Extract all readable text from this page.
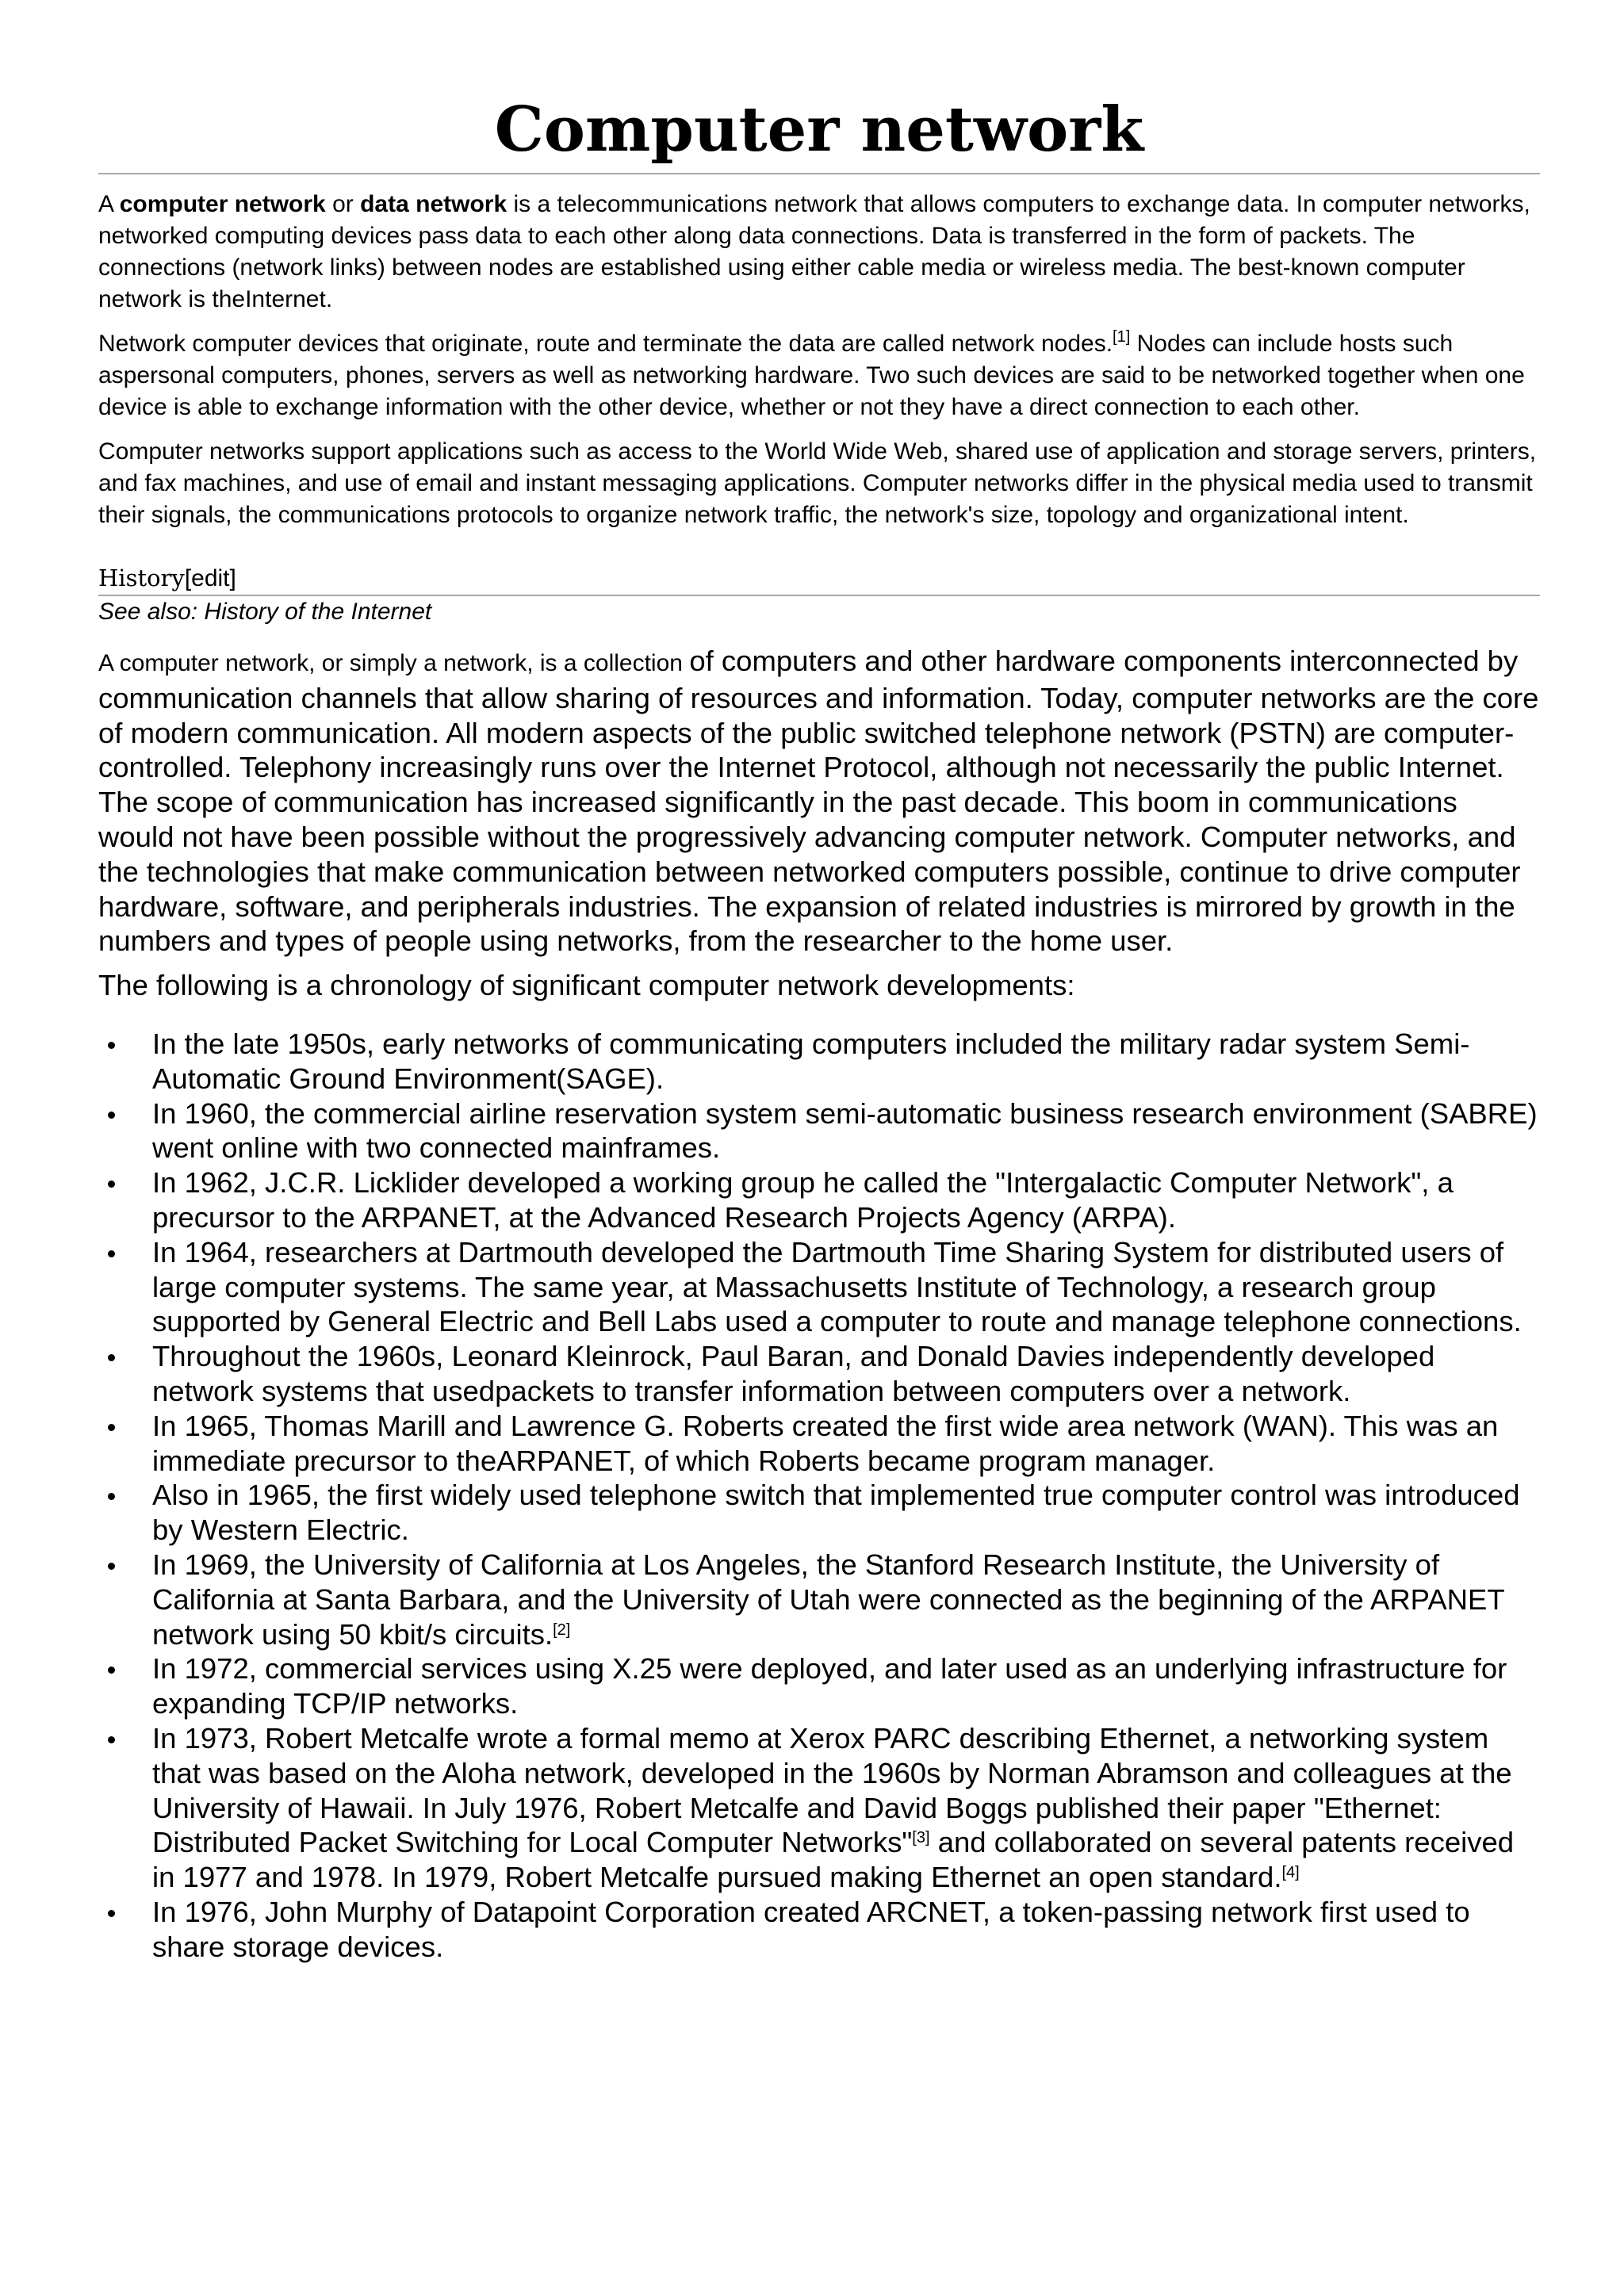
Computer network

A computer network or data network is a telecommunications network that allows computers to exchange data. In computer networks, networked computing devices pass data to each other along data connections. Data is transferred in the form of packets. The connections (network links) between nodes are established using either cable media or wireless media. The best-known computer network is theInternet.

Network computer devices that originate, route and terminate the data are called network nodes.[1] Nodes can include hosts such aspersonal computers, phones, servers as well as networking hardware. Two such devices are said to be networked together when one device is able to exchange information with the other device, whether or not they have a direct connection to each other.

Computer networks support applications such as access to the World Wide Web, shared use of application and storage servers, printers, and fax machines, and use of email and instant messaging applications. Computer networks differ in the physical media used to transmit their signals, the communications protocols to organize network traffic, the network's size, topology and organizational intent.

History[edit]

See also: History of the Internet

A computer network, or simply a network, is a collection of computers and other hardware components interconnected by communication channels that allow sharing of resources and information. Today, computer networks are the core of modern communication. All modern aspects of the public switched telephone network (PSTN) are computer-controlled. Telephony increasingly runs over the Internet Protocol, although not necessarily the public Internet. The scope of communication has increased significantly in the past decade. This boom in communications would not have been possible without the progressively advancing computer network. Computer networks, and the technologies that make communication between networked computers possible, continue to drive computer hardware, software, and peripherals industries. The expansion of related industries is mirrored by growth in the numbers and types of people using networks, from the researcher to the home user.

The following is a chronology of significant computer network developments:

In the late 1950s, early networks of communicating computers included the military radar system Semi-Automatic Ground Environment(SAGE).
In 1960, the commercial airline reservation system semi-automatic business research environment (SABRE) went online with two connected mainframes.
In 1962, J.C.R. Licklider developed a working group he called the "Intergalactic Computer Network", a precursor to the ARPANET, at the Advanced Research Projects Agency (ARPA).
In 1964, researchers at Dartmouth developed the Dartmouth Time Sharing System for distributed users of large computer systems. The same year, at Massachusetts Institute of Technology, a research group supported by General Electric and Bell Labs used a computer to route and manage telephone connections.
Throughout the 1960s, Leonard Kleinrock, Paul Baran, and Donald Davies independently developed network systems that usedpackets to transfer information between computers over a network.
In 1965, Thomas Marill and Lawrence G. Roberts created the first wide area network (WAN). This was an immediate precursor to theARPANET, of which Roberts became program manager.
Also in 1965, the first widely used telephone switch that implemented true computer control was introduced by Western Electric.
In 1969, the University of California at Los Angeles, the Stanford Research Institute, the University of California at Santa Barbara, and the University of Utah were connected as the beginning of the ARPANET network using 50 kbit/s circuits.[2]
In 1972, commercial services using X.25 were deployed, and later used as an underlying infrastructure for expanding TCP/IP networks.
In 1973, Robert Metcalfe wrote a formal memo at Xerox PARC describing Ethernet, a networking system that was based on the Aloha network, developed in the 1960s by Norman Abramson and colleagues at the University of Hawaii. In July 1976, Robert Metcalfe and David Boggs published their paper "Ethernet: Distributed Packet Switching for Local Computer Networks"[3] and collaborated on several patents received in 1977 and 1978. In 1979, Robert Metcalfe pursued making Ethernet an open standard.[4]
In 1976, John Murphy of Datapoint Corporation created ARCNET, a token-passing network first used to share storage devices.
